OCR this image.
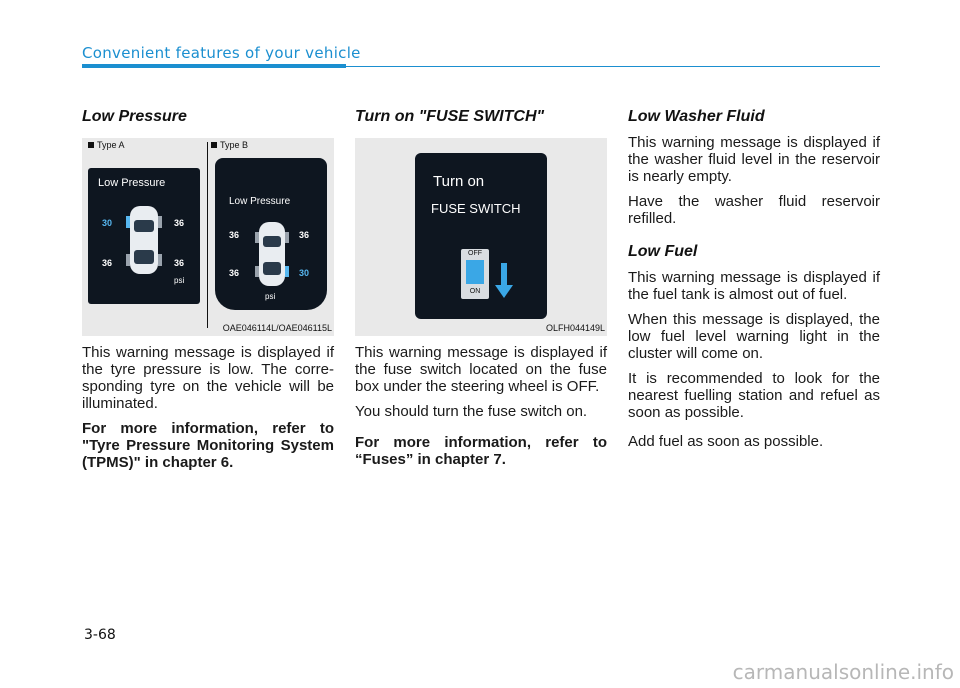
Convenient features of your vehicle
Low Pressure
Type A	Type B
Low Pressure
30	36
36	36
psi
Low Pressure
36	36
36	30
psi
OAE046114L/OAE046115L

This warning message is displayed if the tyre pressure is low. The corre-sponding tyre on the vehicle will be illuminated.

For more information, refer to "Tyre Pressure Monitoring System (TPMS)" in chapter 6.

Turn on "FUSE SWITCH"
Turn on
FUSE SWITCH
OFF
ON
OLFH044149L

This warning message is displayed if the fuse switch located on the fuse box under the steering wheel is OFF.

You should turn the fuse switch on.

For more information, refer to “Fuses” in chapter 7.

Low Washer Fluid

This warning message is displayed if the washer fluid level in the reservoir is nearly empty.

Have the washer fluid reservoir refilled.

Low Fuel

This warning message is displayed if the fuel tank is almost out of fuel.

When this message is displayed, the low fuel level warning light in the cluster will come on.

It is recommended to look for the nearest fuelling station and refuel as soon as possible.

Add fuel as soon as possible.

3-68
carmanualsonline.info
